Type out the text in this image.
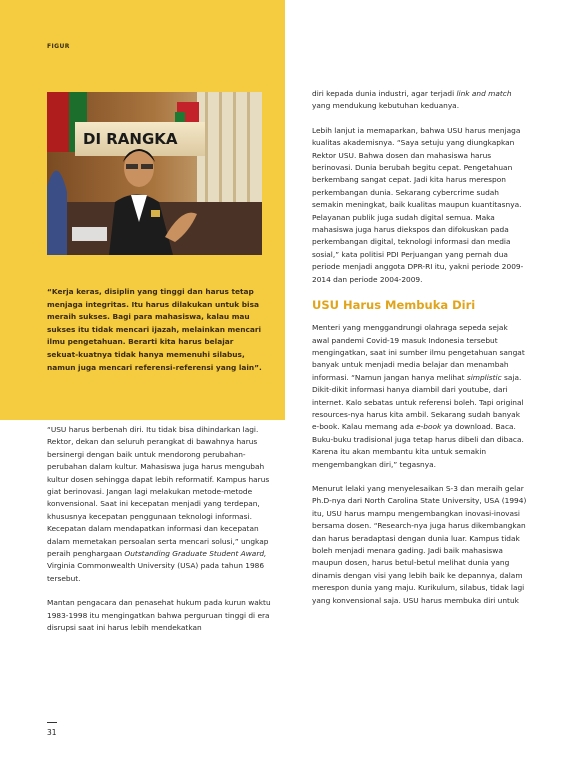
FIGUR
DI RANGKA

“Kerja keras, disiplin yang tinggi dan harus tetap menjaga integritas. Itu harus dilakukan untuk bisa meraih sukses. Bagi para mahasiswa, kalau mau sukses itu tidak mencari ijazah, melainkan mencari ilmu pengetahuan. Berarti kita harus belajar sekuat-kuatnya tidak hanya memenuhi silabus, namun juga mencari referensi-referensi yang lain”.

“USU harus berbenah diri. Itu tidak bisa dihindarkan lagi. Rektor, dekan dan seluruh perangkat di bawahnya harus bersinergi dengan baik untuk mendorong perubahan-perubahan dalam kultur. Mahasiswa juga harus mengubah kultur dosen sehingga dapat lebih reformatif. Kampus harus giat berinovasi. Jangan lagi melakukan metode-metode konvensional. Saat ini kecepatan menjadi yang terdepan, khususnya kecepatan penggunaan teknologi informasi. Kecepatan dalam mendapatkan informasi dan kecepatan dalam memetakan persoalan serta mencari solusi,” ungkap peraih penghargaan Outstanding Graduate Student Award, Virginia Commonwealth University (USA) pada tahun 1986 tersebut.

Mantan pengacara dan penasehat hukum pada kurun waktu 1983-1998 itu mengingatkan bahwa perguruan tinggi di era disrupsi saat ini harus lebih mendekatkan

diri kepada dunia industri, agar terjadi link and match yang mendukung kebutuhan keduanya.

Lebih lanjut ia memaparkan, bahwa USU harus menjaga kualitas akademisnya. “Saya setuju yang diungkapkan Rektor USU. Bahwa dosen dan mahasiswa harus berinovasi. Dunia berubah begitu cepat. Pengetahuan berkembang sangat cepat. Jadi kita harus merespon perkembangan dunia. Sekarang cybercrime sudah semakin meningkat, baik kualitas maupun kuantitasnya. Pelayanan publik juga sudah digital semua. Maka mahasiswa juga harus diekspos dan difokuskan pada perkembangan digital, teknologi informasi dan media sosial,” kata politisi PDI Perjuangan yang pernah dua periode menjadi anggota DPR-RI itu, yakni periode 2009-2014 dan periode 2004-2009.

USU Harus Membuka Diri

Menteri yang menggandrungi olahraga sepeda sejak awal pandemi Covid-19 masuk Indonesia tersebut mengingatkan, saat ini sumber ilmu pengetahuan sangat banyak untuk menjadi media belajar dan menambah informasi. “Namun jangan hanya melihat simplistic saja. Dikit-dikit informasi hanya diambil dari youtube, dari internet. Kalo sebatas untuk referensi boleh. Tapi original resources-nya harus kita ambil. Sekarang sudah banyak e-book. Kalau memang ada e-book ya download. Baca. Buku-buku tradisional juga tetap harus dibeli dan dibaca. Karena itu akan membantu kita untuk semakin mengembangkan diri,” tegasnya.

Menurut lelaki yang menyelesaikan S-3 dan meraih gelar Ph.D-nya dari North Carolina State University, USA (1994) itu, USU harus mampu mengembangkan inovasi-inovasi bersama dosen. “Research-nya juga harus dikembangkan dan harus beradaptasi dengan dunia luar. Kampus tidak boleh menjadi menara gading. Jadi baik mahasiswa maupun dosen, harus betul-betul melihat dunia yang dinamis dengan visi yang lebih baik ke depannya, dalam merespon dunia yang maju. Kurikulum, silabus, tidak lagi yang konvensional saja. USU harus membuka diri untuk

31
